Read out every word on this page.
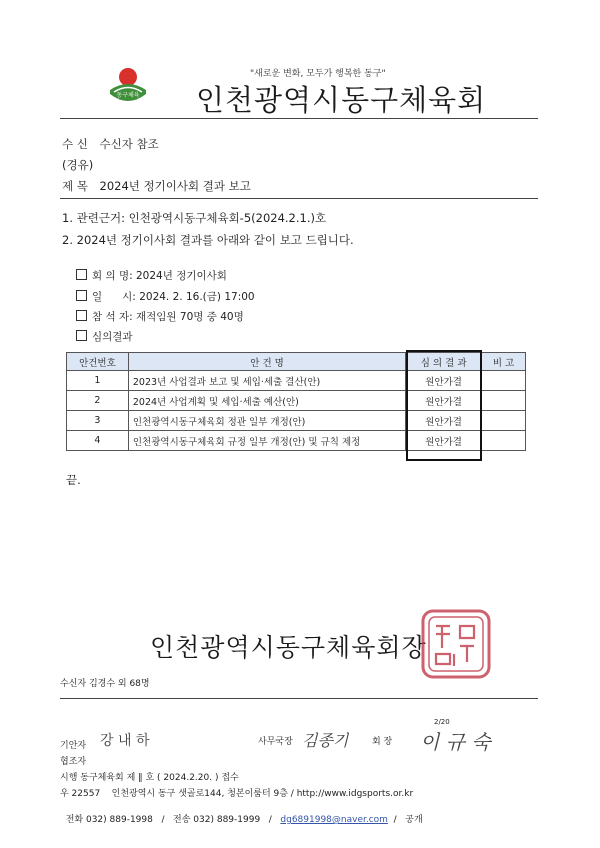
"새로운 변화, 모두가 행복한 동구"
동구체육 인천광역시동구체육회
수 신 수신자 참조
(경유)
제 목 2024년 정기이사회 결과 보고
1. 관련근거: 인천광역시동구체육회-5(2024.2.1.)호
2. 2024년 정기이사회 결과를 아래와 같이 보고 드립니다.
회 의 명: 2024년 정기이사회
일      시: 2024. 2. 16.(금) 17:00
참 석 자: 재적임원 70명 중 40명
심의결과
안건번호	안 건 명	심 의 결 과	비 고
1	2023년 사업결과 보고 및 세입·세출 결산(안)	원안가결	
2	2024년 사업계획 및 세입·세출 예산(안)	원안가결	
3	인천광역시동구체육회 정관 일부 개정(안)	원안가결	
4	인천광역시동구체육회 규정 일부 개정(안) 및 규칙 제정	원안가결	
끝.
인천광역시동구체육회장
수신자 김경수 외 68명
기안자 강 내 하	사무국장 김종기
2/20
회 장 이 규 숙
협조자
시행 동구체육회 제 ‖ 호 ( 2024.2.20. ) 접수
우 22557    인천광역시 동구 샛골로144, 청본이룸터 9층 / http://www.idgsports.or.kr

전화 032) 889-1998   /   전송 032) 889-1999   /   dg6891998@naver.com  /   공개
